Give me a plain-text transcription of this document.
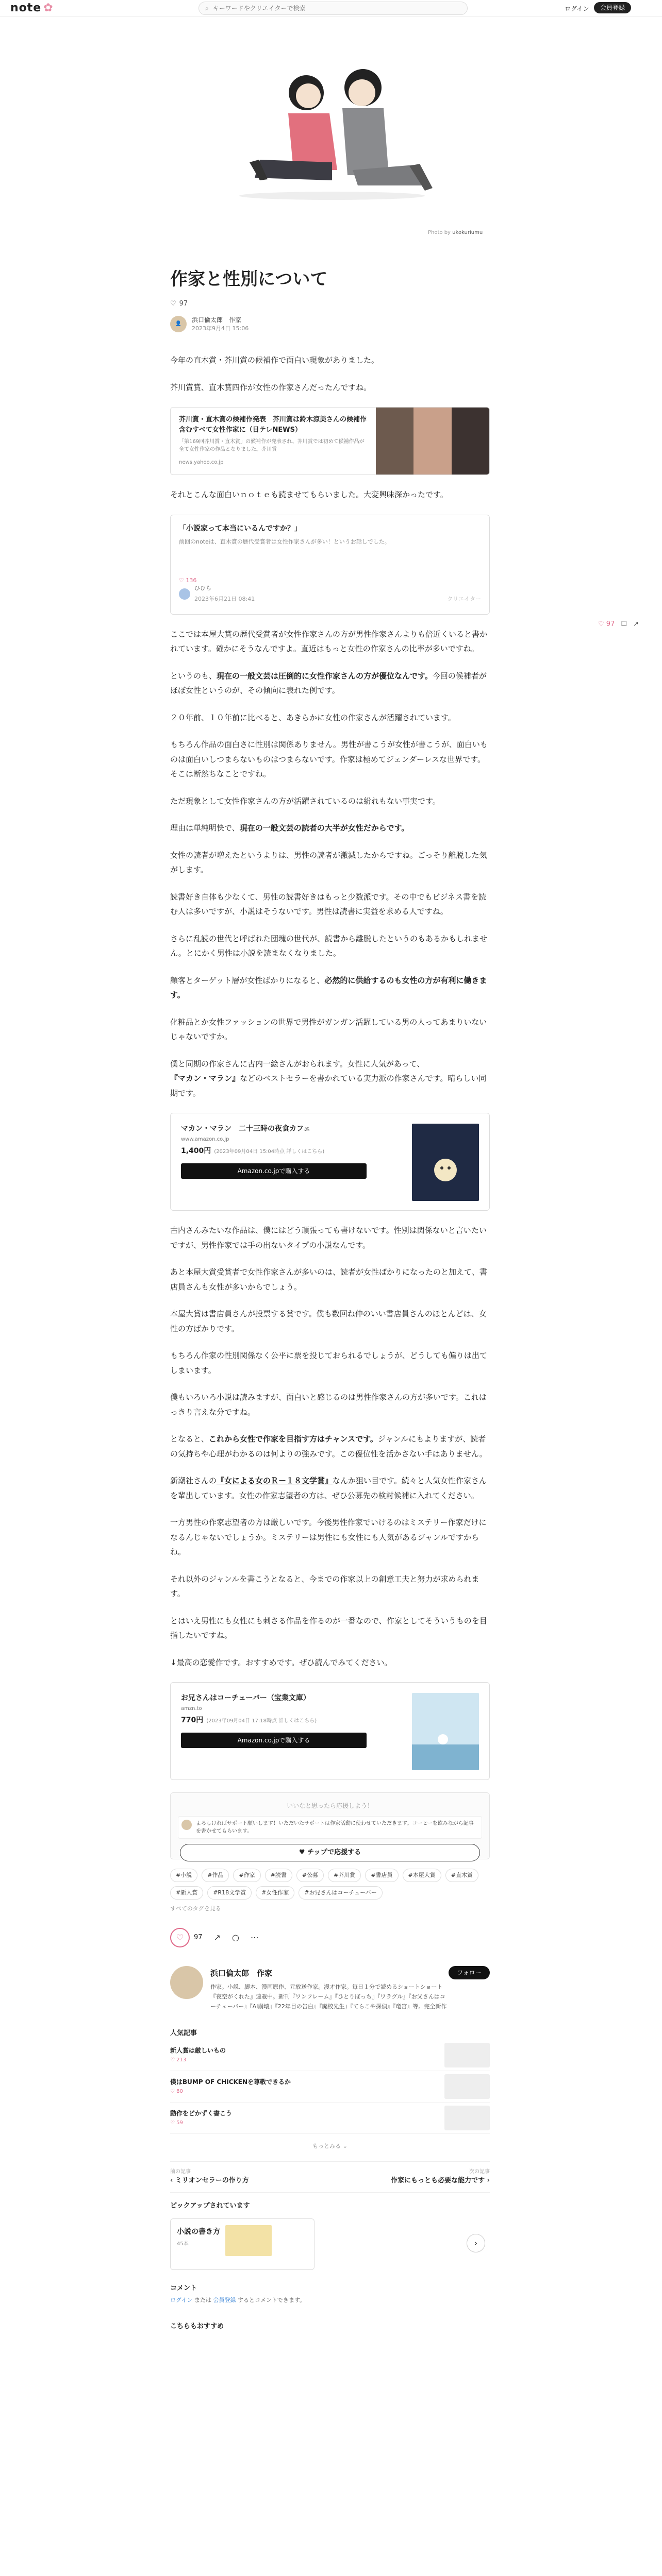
note ✿	⌕
キーワードやクリエイターで検索	ログイン	会員登録
Photo by ukokuriumu
作家と性別について
♡ 97
👤
浜口倫太郎　作家
2023年9月4日 15:06

今年の直木賞・芥川賞の候補作で面白い現象がありました。

芥川賞賞、直木賞四作が女性の作家さんだったんですね。

芥川賞・直木賞の候補作発表　芥川賞は鈴木涼美さんの候補作含むすべて女性作家に（日テレNEWS）
「第169回芥川賞・直木賞」の候補作が発表され、芥川賞では初めて候補作品が全て女性作家の作品となりました。芥川賞
news.yahoo.co.jp

それとこんな面白いｎｏｔｅも読ませてもらいました。大変興味深かったです。

「小説家って本当にいるんですか？」
前回のnoteは、直木賞の歴代受賞者は女性作家さんが多い！というお話しでした。
♡ 136
ひひら
2023年6月21日 08:41	クリエイター

ここでは本屋大賞の歴代受賞者が女性作家さんの方が男性作家さんよりも倍近くいると書かれています。確かにそうなんですよ。直近はもっと女性の作家さんの比率が多いですね。

というのも、現在の一般文芸は圧倒的に女性作家さんの方が優位なんです。今回の候補者がほぼ女性というのが、その傾向に表れた例です。

２０年前、１０年前に比べると、あきらかに女性の作家さんが活躍されています。

もちろん作品の面白さに性別は関係ありません。男性が書こうが女性が書こうが、面白いものは面白いしつまらないものはつまらないです。作家は極めてジェンダーレスな世界です。そこは断然ちなことですね。

ただ現象として女性作家さんの方が活躍されているのは紛れもない事実です。

理由は単純明快で、現在の一般文芸の読者の大半が女性だからです。

女性の読者が増えたというよりは、男性の読者が激減したからですね。ごっそり離脱した気がします。

読書好き自体も少なくて、男性の読書好きはもっと少数派です。その中でもビジネス書を読む人は多いですが、小説はそうないです。男性は読書に実益を求める人ですね。

さらに乱読の世代と呼ばれた団塊の世代が、読書から離脱したというのもあるかもしれません。とにかく男性は小説を読まなくなりました。

顧客とターゲット層が女性ばかりになると、必然的に供給するのも女性の方が有利に働きます。

化粧品とか女性ファッションの世界で男性がガンガン活躍している男の人ってあまりいないじゃないですか。

僕と同期の作家さんに古内一絵さんがおられます。女性に人気があって、『マカン・マラン』などのベストセラーを書かれている実力派の作家さんです。晴らしい同期です。

マカン・マラン　二十三時の夜食カフェ
www.amazon.co.jp
1,400円 (2023年09月04日 15:04時点 詳しくはこちら)
Amazon.co.jpで購入する

古内さんみたいな作品は、僕にはどう頑張っても書けないです。性別は関係ないと言いたいですが、男性作家では手の出ないタイプの小説なんです。

あと本屋大賞受賞者で女性作家さんが多いのは、読者が女性ばかりになったのと加えて、書店員さんも女性が多いからでしょう。

本屋大賞は書店員さんが投票する賞です。僕も数回ね仲のいい書店員さんのほとんどは、女性の方ばかりです。

もちろん作家の性別関係なく公平に票を投じておられるでしょうが、どうしても偏りは出てしまいます。

僕もいろいろ小説は読みますが、面白いと感じるのは男性作家さんの方が多いです。これはっきり言えな分ですね。

となると、これから女性で作家を目指す方はチャンスです。ジャンルにもよりますが、読者の気持ちや心理がわかるのは何よりの強みです。この優位性を活かさない手はありません。

新潮社さんの『女による女のＲ－１８文学賞』なんか狙い目です。続々と人気女性作家さんを輩出しています。女性の作家志望者の方は、ぜひ公募先の検討候補に入れてください。

一方男性の作家志望者の方は厳しいです。今後男性作家でいけるのはミステリー作家だけになるんじゃないでしょうか。ミステリーは男性にも女性にも人気があるジャンルですからね。

それ以外のジャンルを書こうとなると、今までの作家以上の創意工夫と努力が求められます。

とはいえ男性にも女性にも刺さる作品を作るのが一番なので、作家としてそういうものを目指したいですね。

↓最高の恋愛作です。おすすめです。ぜひ読んでみてください。

お兄さんはコーチェーバー（宝業文庫）
amzn.to
770円 (2023年09月04日 17:18時点 詳しくはこちら)
Amazon.co.jpで購入する
いいなと思ったら応援しよう！
よろしければサポート願いします！いただいたサポートは作家活動に使わせていただきます。コーヒーを飲みながら記事を書かせてもらいます。
♥ チップで応援する
#小説	#作品	#作家	#読書	#公募	#芥川賞	#書店員	#本屋大賞	#直木賞
#新人賞	#R18文学賞	#女性作家	#お兄さんはコーチェーバー
すべてのタグを見る
♡	97 ↗ ○ ⋯
浜口倫太郎　作家
作家。小説、脚本、漫画原作、元放送作家。漫才作家。毎日１分で読めるショートショート『夜空がくれた』連載中。新刊『ワンフレーム』『ひとりぼっち』『ワラグル』『お父さんはコーチェーバー』『AI崩壊』『22年目の告白』『廃校先生』『てらこや探偵』『竜宮』等。完全新作
フォロー
人気記事
新人賞は厳しいもの
♡ 213
僕はBUMP OF CHICKENを尊敬できるか
♡ 80
動作をどかずく書こう
♡ 59
もっとみる ⌄
前の記事
‹ ミリオンセラーの作り方
次の記事
作家にもっとも必要な能力です ›
ピックアップされています
小説の書き方
45本	›
コメント
ログイン または 会員登録 するとコメントできます。
こちらもおすすめ
♡ 97 ☐ ↗
